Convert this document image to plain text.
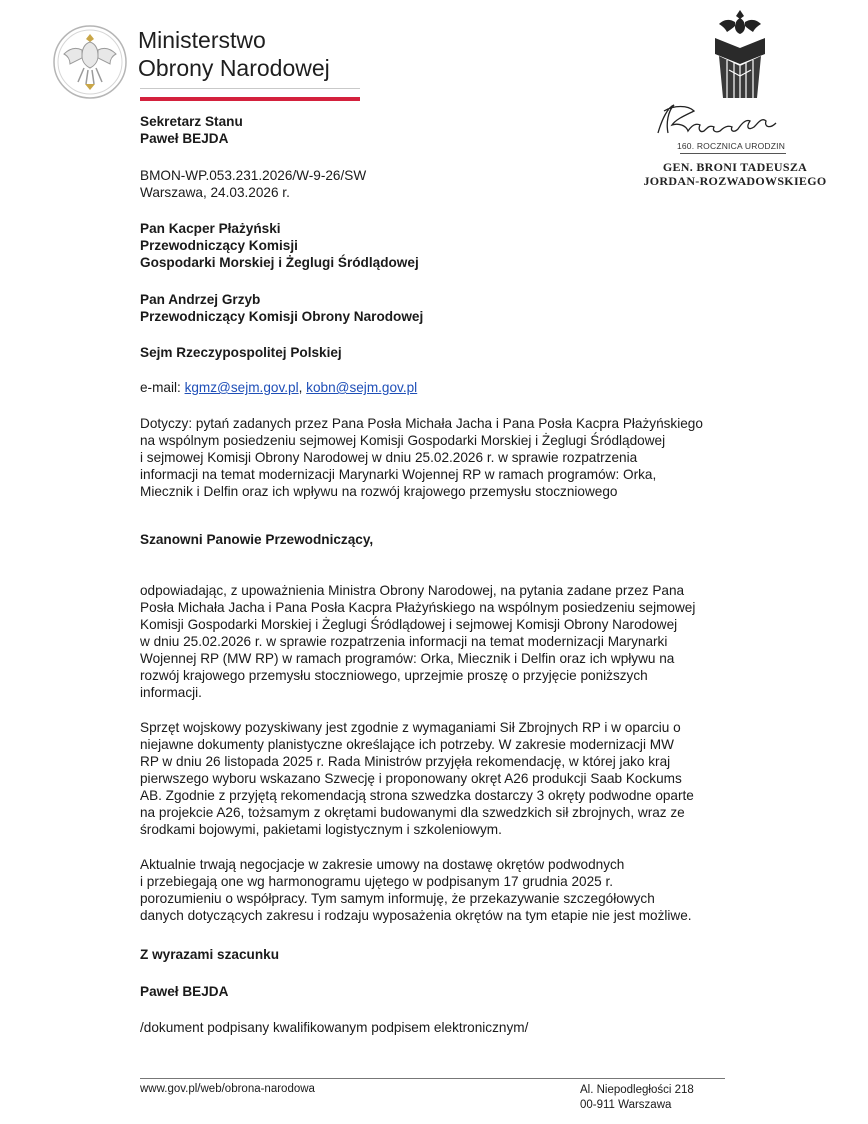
Ministerstwo
Obrony Narodowej
160. ROCZNICA URODZIN
GEN. BRONI TADEUSZA
JORDAN-ROZWADOWSKIEGO
Sekretarz Stanu
Paweł BEJDA
BMON-WP.053.231.2026/W-9-26/SW
Warszawa, 24.03.2026 r.
Pan Kacper Płażyński
Przewodniczący Komisji
Gospodarki Morskiej i Żeglugi Śródlądowej
Pan Andrzej Grzyb
Przewodniczący Komisji Obrony Narodowej
Sejm Rzeczypospolitej Polskiej
e-mail: kgmz@sejm.gov.pl, kobn@sejm.gov.pl
Dotyczy: pytań zadanych przez Pana Posła Michała Jacha i Pana Posła Kacpra Płażyńskiego
na wspólnym posiedzeniu sejmowej Komisji Gospodarki Morskiej i Żeglugi Śródlądowej
i sejmowej Komisji Obrony Narodowej w dniu 25.02.2026 r. w sprawie rozpatrzenia
informacji na temat modernizacji Marynarki Wojennej RP w ramach programów: Orka,
Miecznik i Delfin oraz ich wpływu na rozwój krajowego przemysłu stoczniowego
Szanowni Panowie Przewodniczący,
odpowiadając, z upoważnienia Ministra Obrony Narodowej, na pytania zadane przez Pana
Posła Michała Jacha i Pana Posła Kacpra Płażyńskiego na wspólnym posiedzeniu sejmowej
Komisji Gospodarki Morskiej i Żeglugi Śródlądowej i sejmowej Komisji Obrony Narodowej
w dniu 25.02.2026 r. w sprawie rozpatrzenia informacji na temat modernizacji Marynarki
Wojennej RP (MW RP) w ramach programów: Orka, Miecznik i Delfin oraz ich wpływu na
rozwój krajowego przemysłu stoczniowego, uprzejmie proszę o przyjęcie poniższych
informacji.
Sprzęt wojskowy pozyskiwany jest zgodnie z wymaganiami Sił Zbrojnych RP i w oparciu o
niejawne dokumenty planistyczne określające ich potrzeby. W zakresie modernizacji MW
RP w dniu 26 listopada 2025 r. Rada Ministrów przyjęła rekomendację, w której jako kraj
pierwszego wyboru wskazano Szwecję i proponowany okręt A26 produkcji Saab Kockums
AB. Zgodnie z przyjętą rekomendacją strona szwedzka dostarczy 3 okręty podwodne oparte
na projekcie A26, tożsamym z okrętami budowanymi dla szwedzkich sił zbrojnych, wraz ze
środkami bojowymi, pakietami logistycznym i szkoleniowym.
Aktualnie trwają negocjacje w zakresie umowy na dostawę okrętów podwodnych
i przebiegają one wg harmonogramu ujętego w podpisanym 17 grudnia 2025 r.
porozumieniu o współpracy. Tym samym informuję, że przekazywanie szczegółowych
danych dotyczących zakresu i rodzaju wyposażenia okrętów na tym etapie nie jest możliwe.
Z wyrazami szacunku
Paweł BEJDA
/dokument podpisany kwalifikowanym podpisem elektronicznym/
www.gov.pl/web/obrona-narodowa	Al. Niepodległości 218
00-911 Warszawa
